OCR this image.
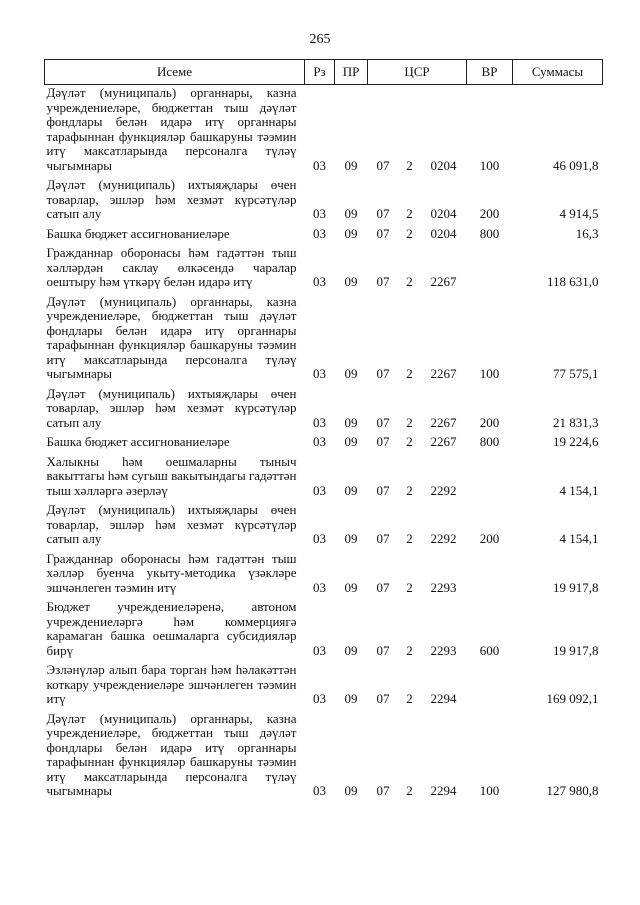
265
Исеме	Рз	ПР	ЦСР			ВР	Суммасы
Дәүләт (муниципаль) органнары, казна учреждениеләре, бюджеттан тыш дәүләт фондлары белән идарә итү органнары тарафыннан функцияләр башкаруны тәэмин итү максатларында персоналга түләү чыгымнары	03	09	07	2	0204	100	46 091,8
Дәүләт (муниципаль) ихтыяҗлары өчен товарлар, эшләр һәм хезмәт күрсәтүләр сатып алу	03	09	07	2	0204	200	4 914,5
Башка бюджет ассигнованиеләре	03	09	07	2	0204	800	16,3
Гражданнар оборонасы һәм гадәттән тыш хәлләрдән саклау өлкәсендә чаралар оештыру һәм үткәрү белән идарә итү	03	09	07	2	2267		118 631,0
Дәүләт (муниципаль) органнары, казна учреждениеләре, бюджеттан тыш дәүләт фондлары белән идарә итү органнары тарафыннан функцияләр башкаруны тәэмин итү максатларында персоналга түләү чыгымнары	03	09	07	2	2267	100	77 575,1
Дәүләт (муниципаль) ихтыяҗлары өчен товарлар, эшләр һәм хезмәт күрсәтүләр сатып алу	03	09	07	2	2267	200	21 831,3
Башка бюджет ассигнованиеләре	03	09	07	2	2267	800	19 224,6
Халыкны һәм оешмаларны тыныч вакыттагы һәм сугыш вакытындагы гадәттән тыш хәлләргә әзерләү	03	09	07	2	2292		4 154,1
Дәүләт (муниципаль) ихтыяҗлары өчен товарлар, эшләр һәм хезмәт күрсәтүләр сатып алу	03	09	07	2	2292	200	4 154,1
Гражданнар оборонасы һәм гадәттән тыш хәлләр буенча укыту-методика үзәкләре эшчәнлеген тәэмин итү	03	09	07	2	2293		19 917,8
Бюджет учреждениеләренә, автоном учреждениеләргә һәм коммерциягә карамаган башка оешмаларга субсидияләр бирү	03	09	07	2	2293	600	19 917,8
Эзләнүләр алып бара торган һәм һәлакәттән коткару учреждениеләре эшчәнлеген тәэмин итү	03	09	07	2	2294		169 092,1
Дәүләт (муниципаль) органнары, казна учреждениеләре, бюджеттан тыш дәүләт фондлары белән идарә итү органнары тарафыннан функцияләр башкаруны тәэмин итү максатларында персоналга түләү чыгымнары	03	09	07	2	2294	100	127 980,8
